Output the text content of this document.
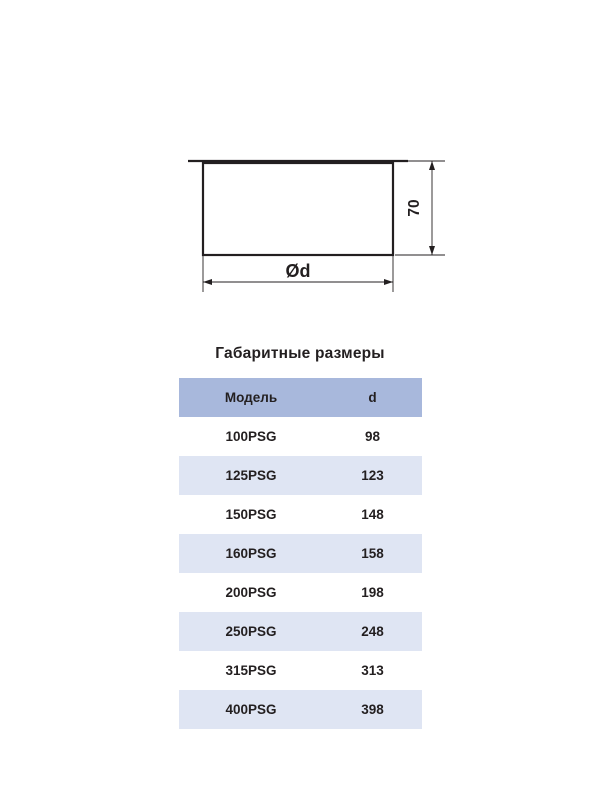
70
Ød
Габаритные размеры
Модель	d
100PSG	98
125PSG	123
150PSG	148
160PSG	158
200PSG	198
250PSG	248
315PSG	313
400PSG	398
